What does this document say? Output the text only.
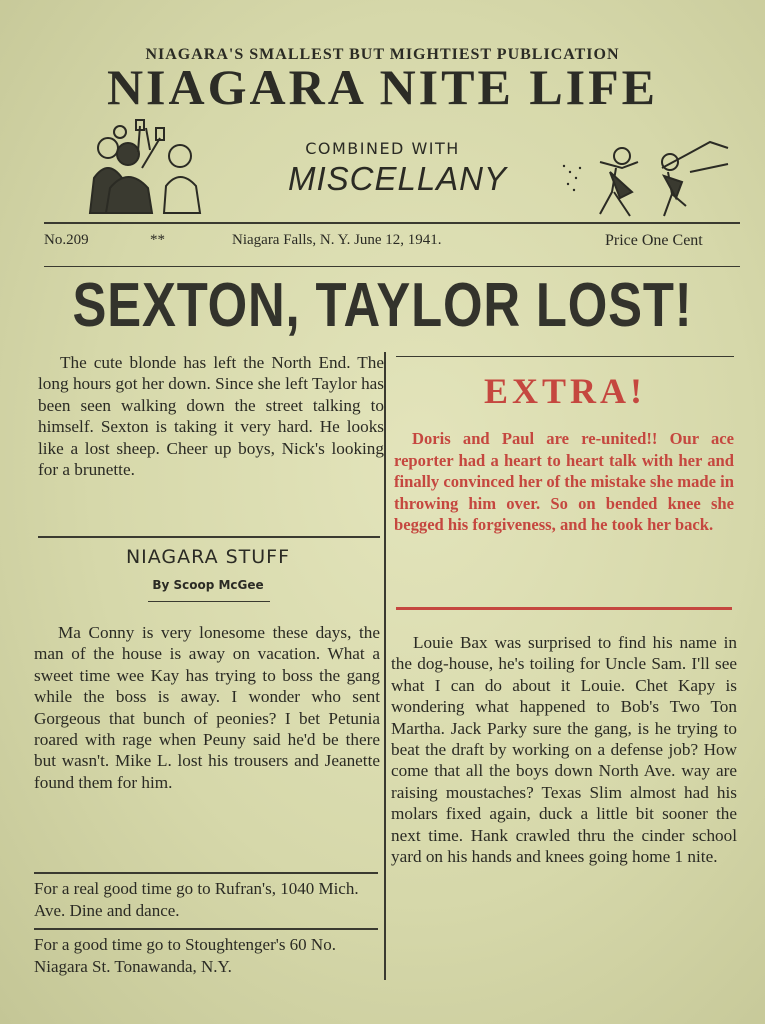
NIAGARA'S SMALLEST BUT MIGHTIEST PUBLICATION
NIAGARA NITE LIFE
COMBINED WITH
MISCELLANY
No.209	**	Niagara Falls, N. Y. June 12, 1941.	Price One Cent
SEXTON, TAYLOR LOST!
The cute blonde has left the North End. The long hours got her down. Since she left Taylor has been seen walking down the street talking to himself. Sexton is taking it very hard. He looks like a lost sheep. Cheer up boys, Nick's looking for a brunette.
NIAGARA STUFF
By Scoop McGee
Ma Conny is very lonesome these days, the man of the house is away on vacation. What a sweet time wee Kay has trying to boss the gang while the boss is away. I wonder who sent Gorgeous that bunch of peonies? I bet Petunia roared with rage when Peuny said he'd be there but wasn't. Mike L. lost his trousers and Jeanette found them for him.
For a real good time go to Rufran's, 1040 Mich. Ave. Dine and dance.
For a good time go to Stoughtenger's 60 No. Niagara St. Tonawanda, N.Y.
EXTRA!
Doris and Paul are re-united!! Our ace reporter had a heart to heart talk with her and finally convinced her of the mistake she made in throwing him over. So on bended knee she begged his forgiveness, and he took her back.
Louie Bax was surprised to find his name in the dog-house, he's toiling for Uncle Sam. I'll see what I can do about it Louie. Chet Kapy is wondering what happened to Bob's Two Ton Martha. Jack Parky sure the gang, is he trying to beat the draft by working on a defense job? How come that all the boys down North Ave. way are raising moustaches? Texas Slim almost had his molars fixed again, duck a little bit sooner the next time. Hank crawled thru the cinder school yard on his hands and knees going home 1 nite.
